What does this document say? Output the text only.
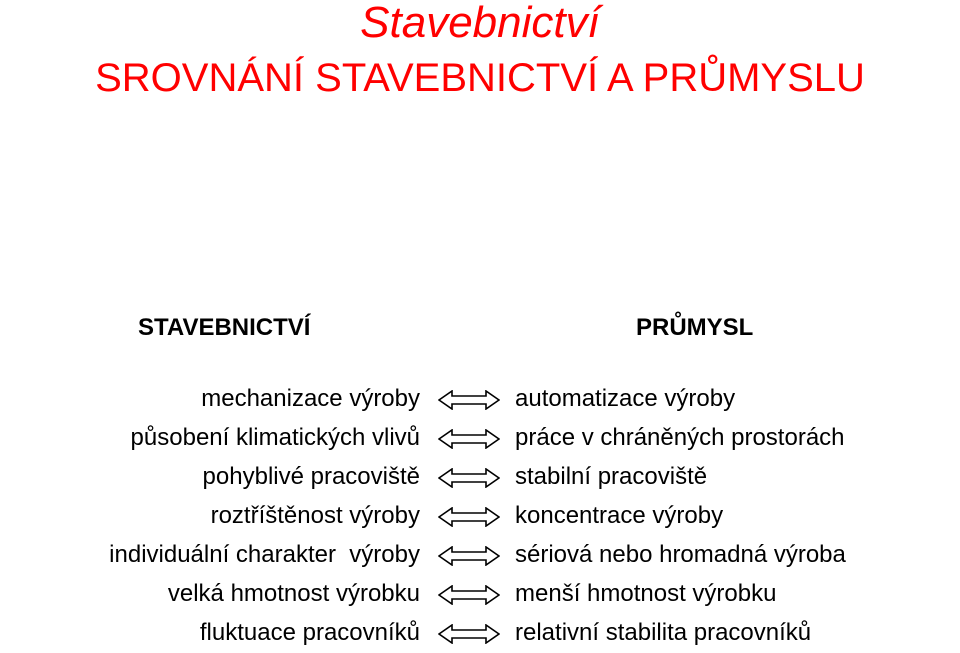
Stavebnictví
SROVNÁNÍ STAVEBNICTVÍ A PRŮMYSLU
STAVEBNICTVÍ	PRŮMYSL
mechanizace výroby	automatizace výroby
působení klimatických vlivů	práce v chráněných prostorách
pohyblivé pracoviště	stabilní pracoviště
roztříštěnost výroby	koncentrace výroby
individuální charakter  výroby	sériová nebo hromadná výroba
velká hmotnost výrobku	menší hmotnost výrobku
fluktuace pracovníků	relativní stabilita pracovníků
